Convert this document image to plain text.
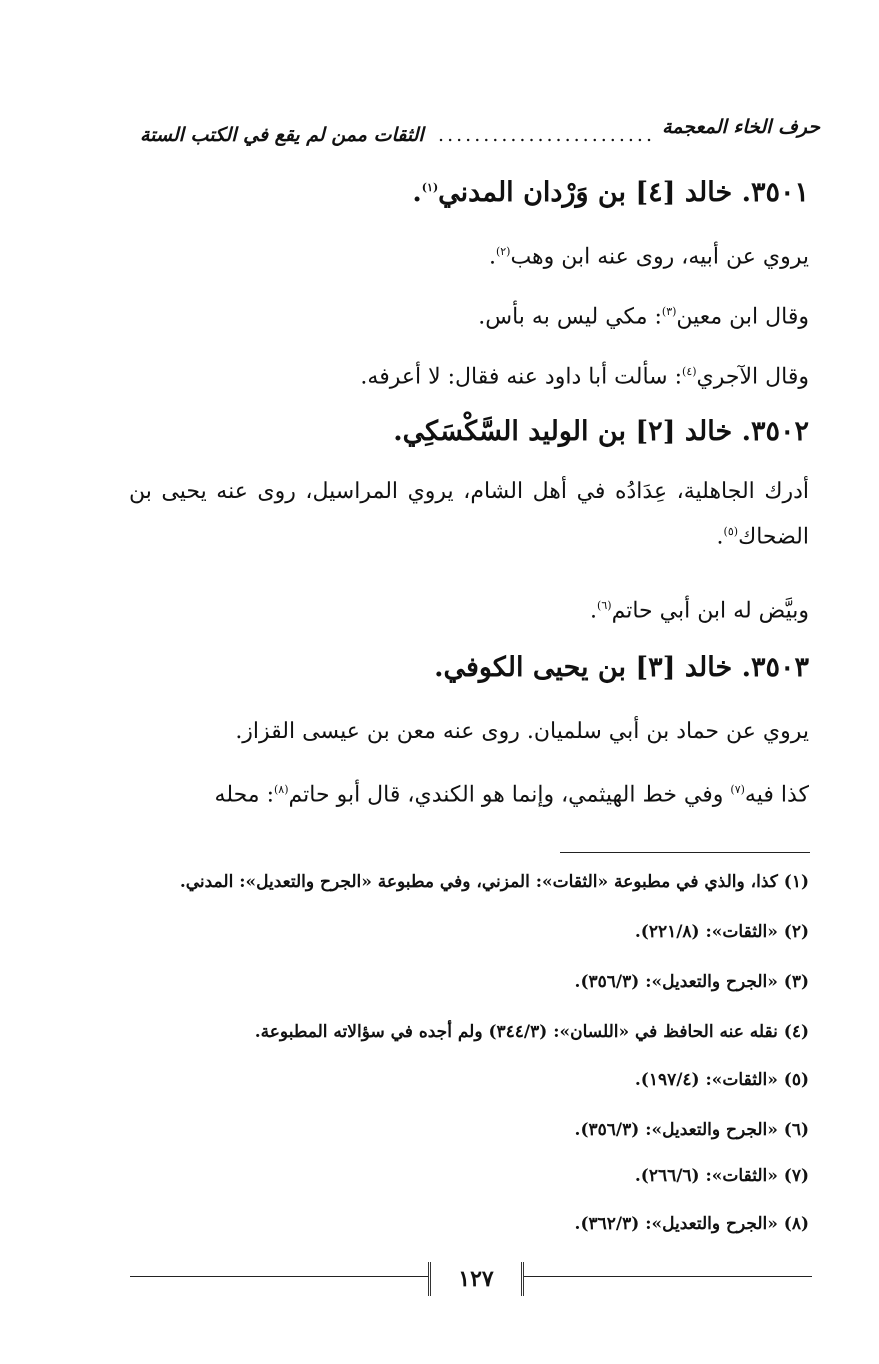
حرف الخاء المعجمة
........................
الثقات ممن لم يقع في الكتب الستة
٣٥٠١. خالد [٤] بن وَرْدان المدني$^{(١)}$.
يروي عن أبيه، روى عنه ابن وهب$^{(٢)}$.
وقال ابن معين$^{(٣)}$: مكي ليس به بأس.
وقال الآجري$^{(٤)}$: سألت أبا داود عنه فقال: لا أعرفه.
٣٥٠٢. خالد [٢] بن الوليد السَّكْسَكِي.
أدرك الجاهلية، عِدَادُه في أهل الشام، يروي المراسيل، روى عنه يحيى بن الضحاك$^{(٥)}$.
وبيَّض له ابن أبي حاتم$^{(٦)}$.
٣٥٠٣. خالد [٣] بن يحيى الكوفي.
يروي عن حماد بن أبي سلميان. روى عنه معن بن عيسى القزاز.
كذا فيه$^{(٧)}$ وفي خط الهيثمي، وإنما هو الكندي، قال أبو حاتم$^{(٨)}$: محله
(١) كذا، والذي في مطبوعة «الثقات»: المزني، وفي مطبوعة «الجرح والتعديل»: المدني.
(٢) «الثقات»: (٢٢١/٨).
(٣) «الجرح والتعديل»: (٣٥٦/٣).
(٤) نقله عنه الحافظ في «اللسان»: (٣٤٤/٣) ولم أجده في سؤالاته المطبوعة.
(٥) «الثقات»: (١٩٧/٤).
(٦) «الجرح والتعديل»: (٣٥٦/٣).
(٧) «الثقات»: (٢٦٦/٦).
(٨) «الجرح والتعديل»: (٣٦٢/٣).
١٢٧
